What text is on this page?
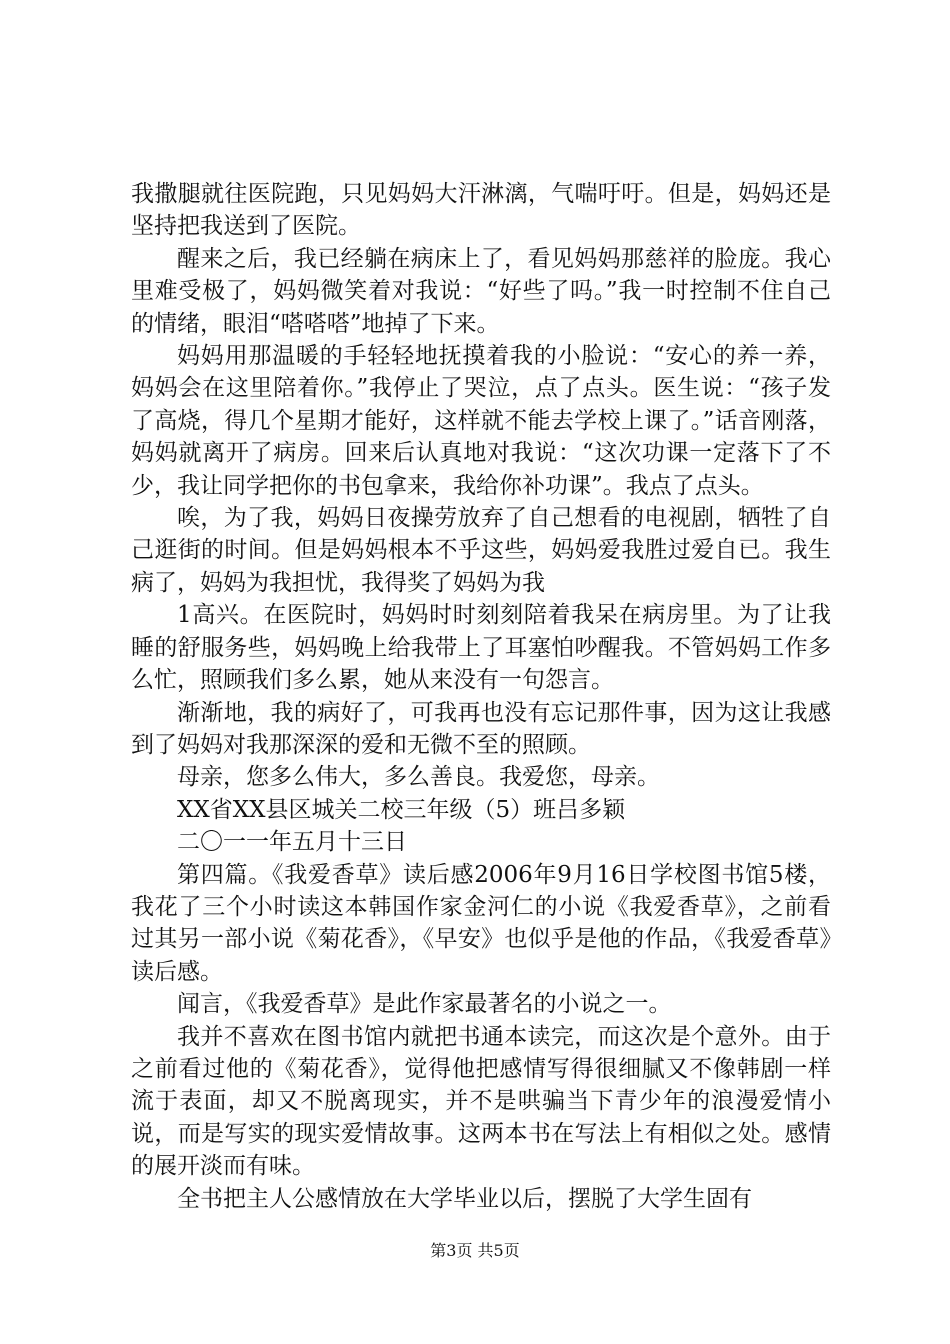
我撒腿就往医院跑，只见妈妈大汗淋漓，气喘吁吁。但是，妈妈还是坚持把我送到了医院。

醒来之后，我已经躺在病床上了，看见妈妈那慈祥的脸庞。我心里难受极了，妈妈微笑着对我说：“好些了吗。”我一时控制不住自己的情绪，眼泪“嗒嗒嗒”地掉了下来。

妈妈用那温暖的手轻轻地抚摸着我的小脸说：“安心的养一养，妈妈会在这里陪着你。”我停止了哭泣，点了点头。医生说：“孩子发了高烧，得几个星期才能好，这样就不能去学校上课了。”话音刚落，妈妈就离开了病房。回来后认真地对我说：“这次功课一定落下了不少，我让同学把你的书包拿来，我给你补功课”。我点了点头。

唉，为了我，妈妈日夜操劳放弃了自己想看的电视剧，牺牲了自己逛街的时间。但是妈妈根本不乎这些，妈妈爱我胜过爱自已。我生病了，妈妈为我担忧，我得奖了妈妈为我

1高兴。在医院时，妈妈时时刻刻陪着我呆在病房里。为了让我睡的舒服务些，妈妈晚上给我带上了耳塞怕吵醒我。不管妈妈工作多么忙，照顾我们多么累，她从来没有一句怨言。

渐渐地，我的病好了，可我再也没有忘记那件事，因为这让我感到了妈妈对我那深深的爱和无微不至的照顾。

母亲，您多么伟大，多么善良。我爱您，母亲。

XX省XX县区城关二校三年级（5）班吕多颖

二〇一一年五月十三日

第四篇。《我爱香草》读后感2006年9月16日学校图书馆5楼，我花了三个小时读这本韩国作家金河仁的小说《我爱香草》，之前看过其另一部小说《菊花香》，《早安》也似乎是他的作品，《我爱香草》读后感。

闻言，《我爱香草》是此作家最著名的小说之一。

我并不喜欢在图书馆内就把书通本读完，而这次是个意外。由于之前看过他的《菊花香》，觉得他把感情写得很细腻又不像韩剧一样流于表面，却又不脱离现实，并不是哄骗当下青少年的浪漫爱情小说，而是写实的现实爱情故事。这两本书在写法上有相似之处。感情的展开淡而有味。

全书把主人公感情放在大学毕业以后，摆脱了大学生固有

第3页 共5页
